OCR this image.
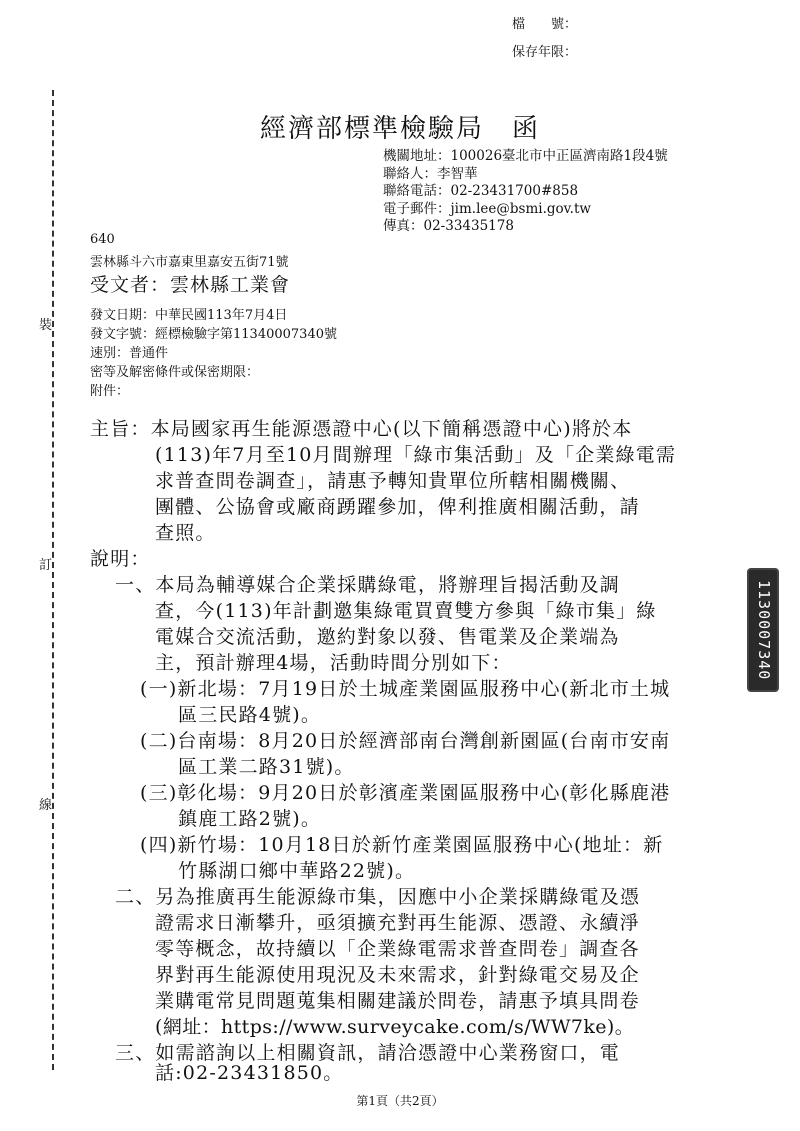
檔　　號：
保存年限：
裝
訂
線
經濟部標準檢驗局　函
機關地址：100026臺北市中正區濟南路1段4號
聯絡人：李智華
聯絡電話：02-23431700#858
電子郵件：jim.lee@bsmi.gov.tw
傳真：02-33435178
640
雲林縣斗六市嘉東里嘉安五街71號
受文者：雲林縣工業會
發文日期：中華民國113年7月4日
發文字號：經標檢驗字第11340007340號
速別：普通件
密等及解密條件或保密期限：
附件：
主旨：本局國家再生能源憑證中心(以下簡稱憑證中心)將於本
(113)年7月至10月間辦理「綠市集活動」及「企業綠電需
求普查問卷調查」，請惠予轉知貴單位所轄相關機關、
團體、公協會或廠商踴躍參加，俾利推廣相關活動，請
查照。
說明：
一、本局為輔導媒合企業採購綠電，將辦理旨揭活動及調
查，今(113)年計劃邀集綠電買賣雙方參與「綠市集」綠
電媒合交流活動，邀約對象以發、售電業及企業端為
主，預計辦理4場，活動時間分別如下：
(一)新北場：7月19日於土城產業園區服務中心(新北市土城
區三民路4號)。
(二)台南場：8月20日於經濟部南台灣創新園區(台南市安南
區工業二路31號)。
(三)彰化場：9月20日於彰濱產業園區服務中心(彰化縣鹿港
鎮鹿工路2號)。
(四)新竹場：10月18日於新竹產業園區服務中心(地址：新
竹縣湖口鄉中華路22號)。
二、另為推廣再生能源綠市集，因應中小企業採購綠電及憑
證需求日漸攀升，亟須擴充對再生能源、憑證、永續淨
零等概念，故持續以「企業綠電需求普查問卷」調查各
界對再生能源使用現況及未來需求，針對綠電交易及企
業購電常見問題蒐集相關建議於問卷，請惠予填具問卷
(網址：https://www.surveycake.com/s/WW7ke)。
三、如需諮詢以上相關資訊，請洽憑證中心業務窗口，電
話:02-23431850。
1130007340
第1頁（共2頁）
